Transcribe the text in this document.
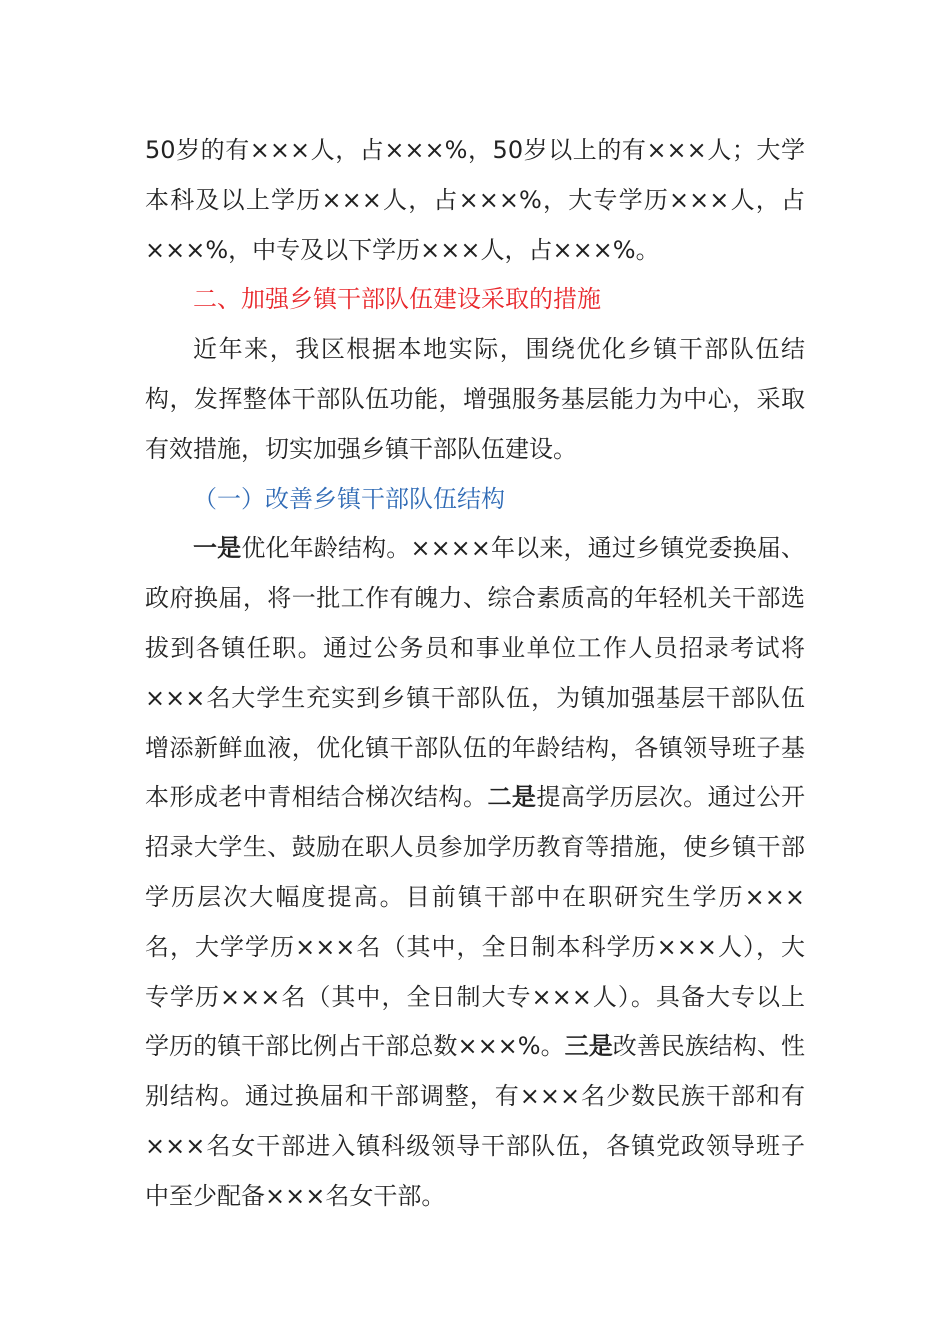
50岁的有×××人，占×××%，50岁以上的有×××人；大学本科及以上学历×××人，占×××%，大专学历×××人，占×××%，中专及以下学历×××人，占×××%。

二、加强乡镇干部队伍建设采取的措施

近年来，我区根据本地实际，围绕优化乡镇干部队伍结构，发挥整体干部队伍功能，增强服务基层能力为中心，采取有效措施，切实加强乡镇干部队伍建设。

（一）改善乡镇干部队伍结构

一是优化年龄结构。××××年以来，通过乡镇党委换届、政府换届，将一批工作有魄力、综合素质高的年轻机关干部选拔到各镇任职。通过公务员和事业单位工作人员招录考试将×××名大学生充实到乡镇干部队伍，为镇加强基层干部队伍增添新鲜血液，优化镇干部队伍的年龄结构，各镇领导班子基本形成老中青相结合梯次结构。二是提高学历层次。通过公开招录大学生、鼓励在职人员参加学历教育等措施，使乡镇干部学历层次大幅度提高。目前镇干部中在职研究生学历×××名，大学学历×××名（其中，全日制本科学历×××人），大专学历×××名（其中，全日制大专×××人）。具备大专以上学历的镇干部比例占干部总数×××%。三是改善民族结构、性别结构。通过换届和干部调整，有×××名少数民族干部和有×××名女干部进入镇科级领导干部队伍，各镇党政领导班子中至少配备×××名女干部。
